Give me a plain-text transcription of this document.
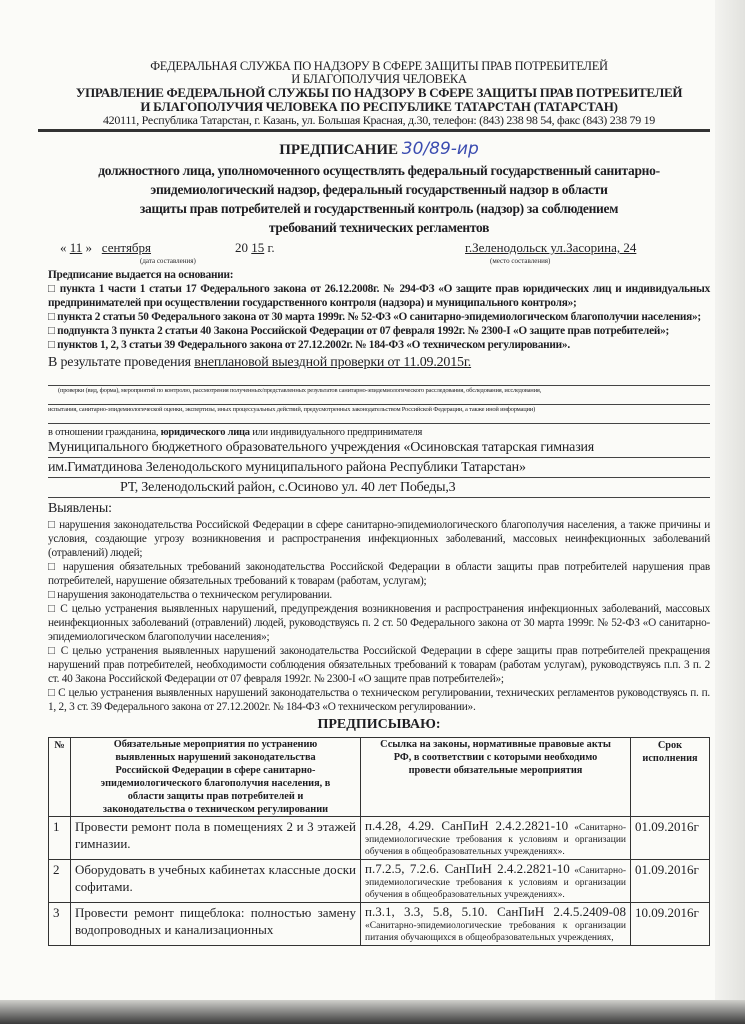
ФЕДЕРАЛЬНАЯ СЛУЖБА ПО НАДЗОРУ В СФЕРЕ ЗАЩИТЫ ПРАВ ПОТРЕБИТЕЛЕЙ
И БЛАГОПОЛУЧИЯ ЧЕЛОВЕКА
УПРАВЛЕНИЕ ФЕДЕРАЛЬНОЙ СЛУЖБЫ ПО НАДЗОРУ В СФЕРЕ ЗАЩИТЫ ПРАВ ПОТРЕБИТЕЛЕЙ
И БЛАГОПОЛУЧИЯ ЧЕЛОВЕКА ПО РЕСПУБЛИКЕ ТАТАРСТАН (ТАТАРСТАН)
420111, Республика Татарстан, г. Казань, ул. Большая Красная, д.30, телефон: (843) 238 98 54, факс (843) 238 79 19
ПРЕДПИСАНИЕ 30/89-ир
должностного лица, уполномоченного осуществлять федеральный государственный санитарно-
эпидемиологический надзор, федеральный государственный надзор в области
защиты прав потребителей и государственный контроль (надзор) за соблюдением
требований технических регламентов
« 11 »   сентября	20 15 г.	г.Зеленодольск ул.Засорина, 24
(дата составления)	(место составления)
Предписание выдается на основании:
□ пункта 1 части 1 статьи 17 Федерального закона от 26.12.2008г. № 294-ФЗ «О защите прав юридических лиц и индивидуальных предпринимателей при осуществлении государственного контроля (надзора) и муниципального контроля»;
□ пункта 2 статьи 50 Федерального закона от 30 марта 1999г. № 52-ФЗ «О санитарно-эпидемиологическом благополучии населения»;
□ подпункта 3 пункта 2 статьи 40 Закона Российской Федерации от 07 февраля 1992г. № 2300-I «О защите прав потребителей»;
□ пунктов 1, 2, 3 статьи 39 Федерального закона от 27.12.2002г. № 184-ФЗ «О техническом регулировании».
В результате проведения внеплановой выездной проверки от 11.09.2015г.
(проверки (вид, форма), мероприятий по контролю, рассмотрения полученных/представленных результатов санитарно-эпидемиологического расследования, обследования, исследования,
испытания, санитарно-эпидемиологической оценки, экспертизы, иных процессуальных действий, предусмотренных законодательством Российской Федерации, а также иной информации)
в отношении гражданина, юридического лица или индивидуального предпринимателя
Муниципального бюджетного образовательного учреждения «Осиновская татарская гимназия
им.Гиматдинова Зеленодольского муниципального района Республики Татарстан»
РТ, Зеленодольский район, с.Осиново ул. 40 лет Победы,3
Выявлены:
□ нарушения законодательства Российской Федерации в сфере санитарно-эпидемиологического благополучия населения, а также причины и условия, создающие угрозу возникновения и распространения инфекционных заболеваний, массовых неинфекционных заболеваний (отравлений) людей;
□ нарушения обязательных требований законодательства Российской Федерации в области защиты прав потребителей нарушения прав потребителей, нарушение обязательных требований к товарам (работам, услугам);
□ нарушения законодательства о техническом регулировании.
□ С целью устранения выявленных нарушений, предупреждения возникновения и распространения инфекционных заболеваний, массовых неинфекционных заболеваний (отравлений) людей, руководствуясь п. 2 ст. 50 Федерального закона от 30 марта 1999г. № 52-ФЗ «О санитарно-эпидемиологическом благополучии населения»;
□ С целью устранения выявленных нарушений законодательства Российской Федерации в сфере защиты прав потребителей прекращения нарушений прав потребителей, необходимости соблюдения обязательных требований к товарам (работам услугам), руководствуясь п.п. 3 п. 2 ст. 40 Закона Российской Федерации от 07 февраля 1992г. № 2300-I «О защите прав потребителей»;
□ С целью устранения выявленных нарушений законодательства о техническом регулировании, технических регламентов руководствуясь п. п. 1, 2, 3 ст. 39 Федерального закона от 27.12.2002г. № 184-ФЗ «О техническом регулировании».
ПРЕДПИСЫВАЮ:
№	Обязательные мероприятия по устранению выявленных нарушений законодательства Российской Федерации в сфере санитарно-эпидемиологического благополучия населения, в области защиты прав потребителей и законодательства о техническом регулировании	Ссылка на законы, нормативные правовые акты РФ, в соответствии с которыми необходимо провести обязательные мероприятия	Срок исполнения
1	Провести ремонт пола в помещениях 2 и 3 этажей гимназии.	п.4.28, 4.29. СанПиН 2.4.2.2821-10 «Санитарно-эпидемиологические требования к условиям и организации обучения в общеобразовательных учреждениях».	01.09.2016г
2	Оборудовать в учебных кабинетах классные доски софитами.	п.7.2.5, 7.2.6. СанПиН 2.4.2.2821-10 «Санитарно-эпидемиологические требования к условиям и организации обучения в общеобразовательных учреждениях».	01.09.2016г
3	Провести ремонт пищеблока: полностью замену водопроводных и канализационных	п.3.1, 3.3, 5.8, 5.10. СанПиН 2.4.5.2409-08 «Санитарно-эпидемиологические требования к организации питания обучающихся в общеобразовательных учреждениях,	10.09.2016г
